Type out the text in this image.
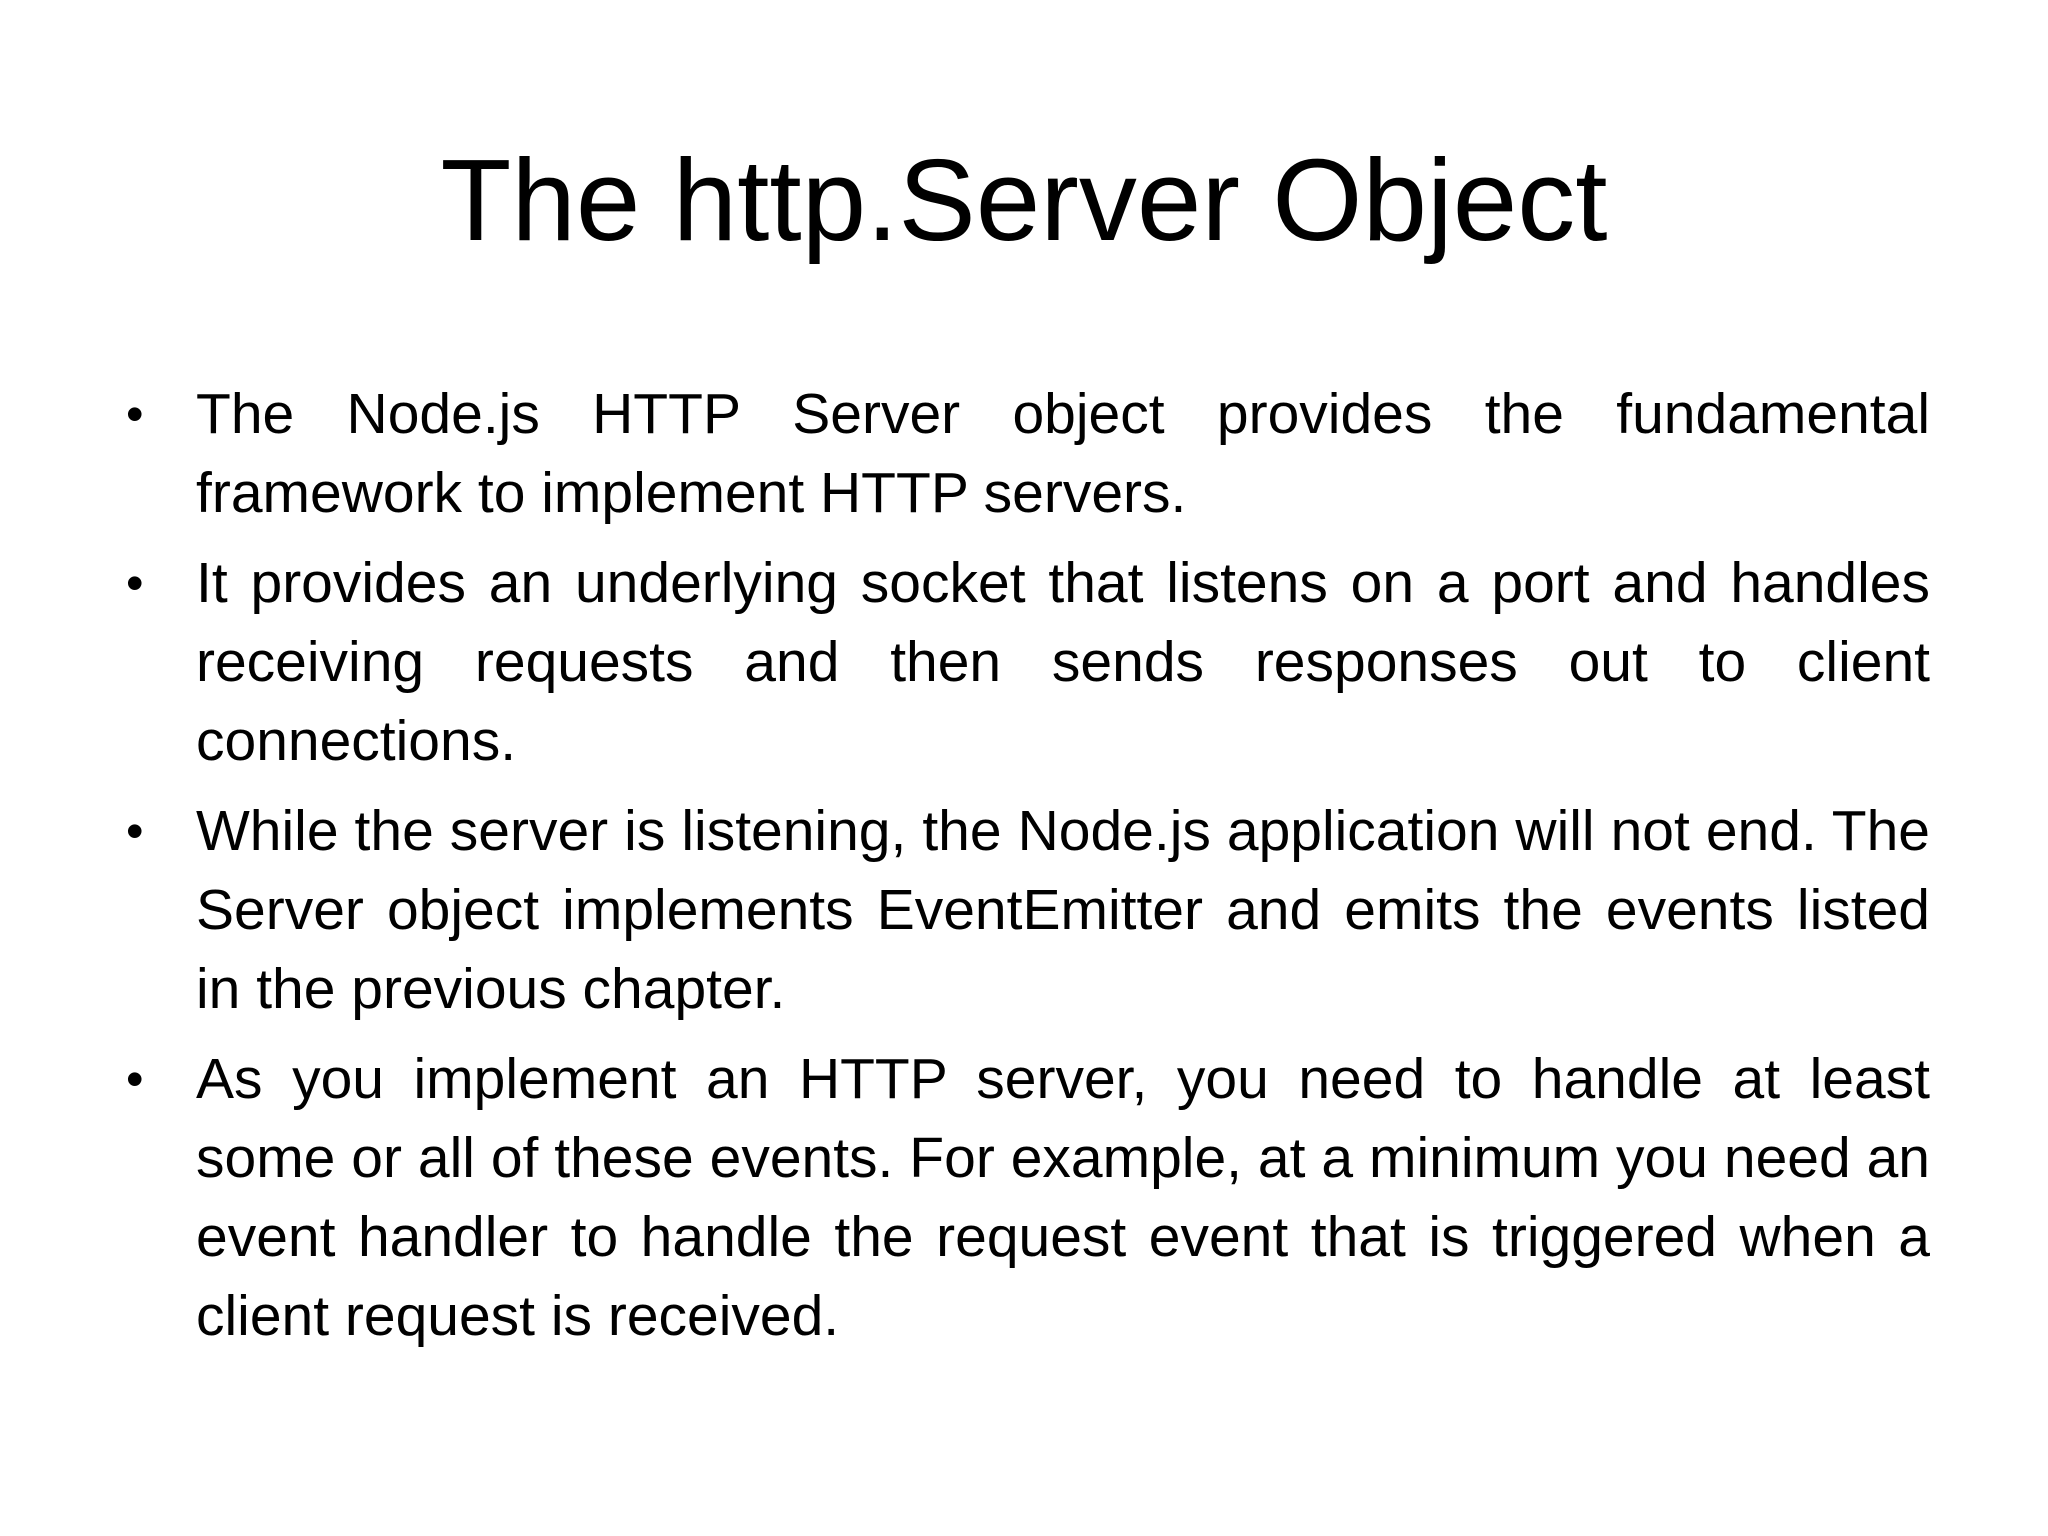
The http.Server Object
• The Node.js HTTP Server object provides the fundamental framework to implement HTTP servers.
• It provides an underlying socket that listens on a port and handles receiving requests and then sends responses out to client connections.
• While the server is listening, the Node.js application will not end. The Server object implements EventEmitter and emits the events listed in the previous chapter.
• As you implement an HTTP server, you need to handle at least some or all of these events. For example, at a minimum you need an event handler to handle the request event that is triggered when a client request is received.
